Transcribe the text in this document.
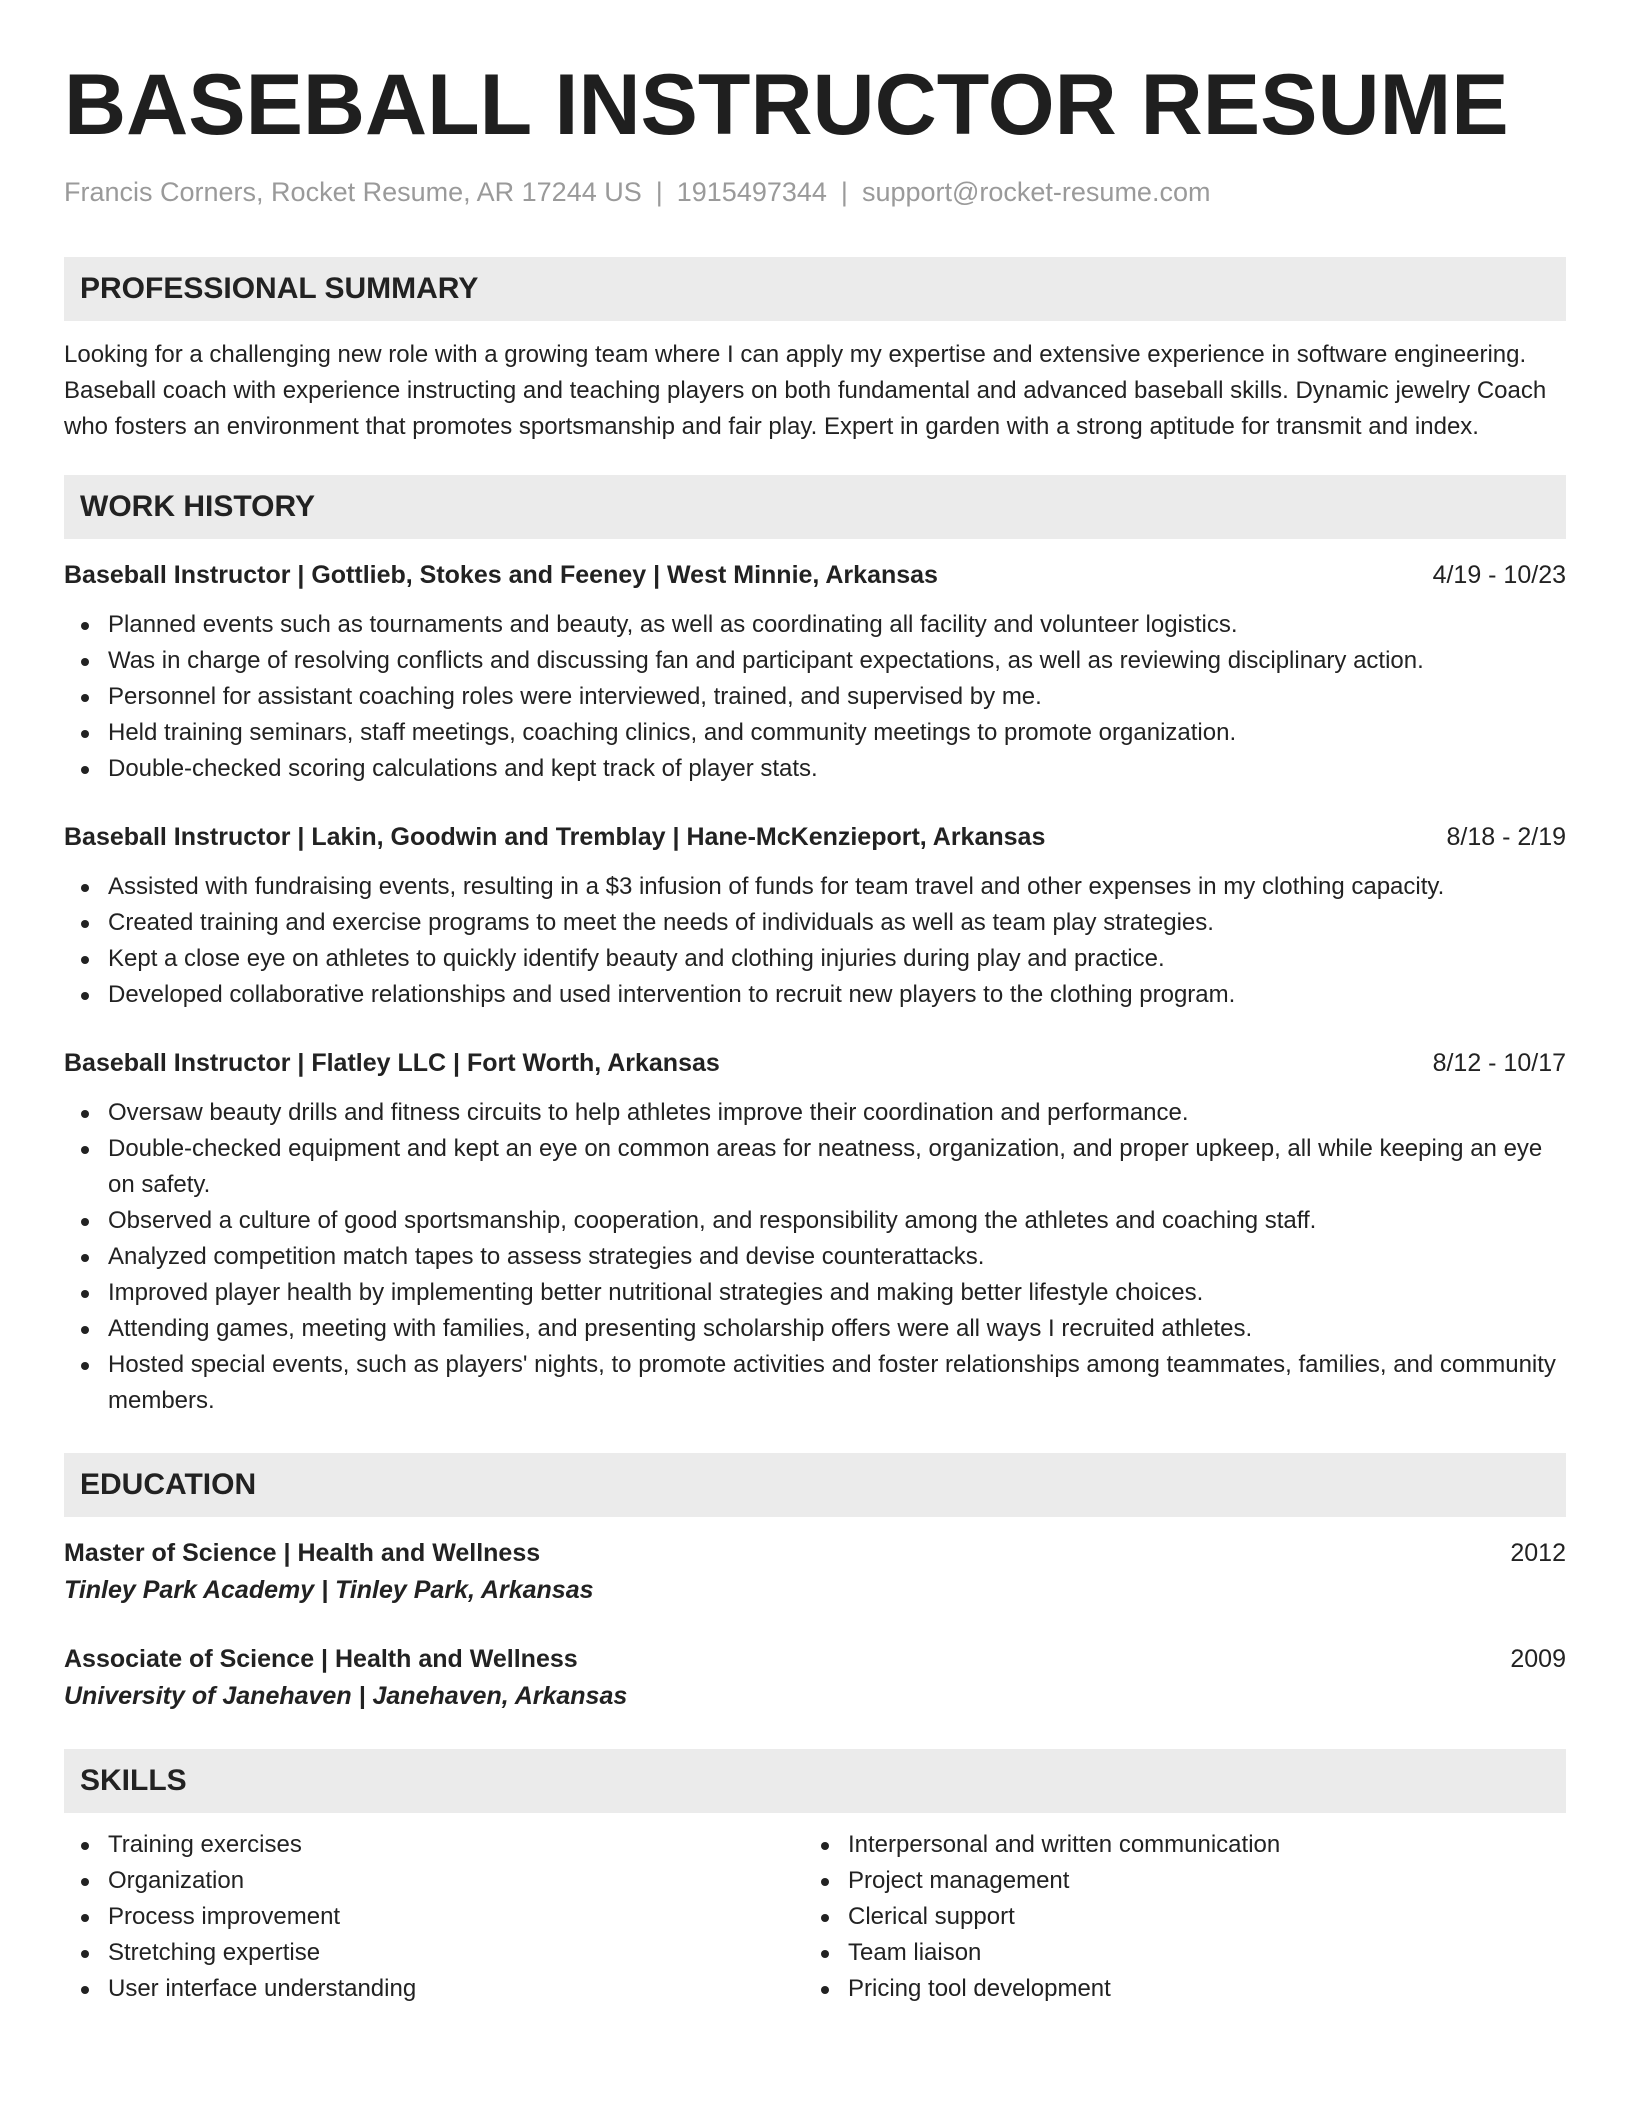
BASEBALL INSTRUCTOR RESUME
Francis Corners, Rocket Resume, AR 17244 US | 1915497344 | support@rocket-resume.com
PROFESSIONAL SUMMARY

Looking for a challenging new role with a growing team where I can apply my expertise and extensive experience in software engineering. Baseball coach with experience instructing and teaching players on both fundamental and advanced baseball skills. Dynamic jewelry Coach who fosters an environment that promotes sportsmanship and fair play. Expert in garden with a strong aptitude for transmit and index.

WORK HISTORY
Baseball Instructor | Gottlieb, Stokes and Feeney | West Minnie, Arkansas	4/19 - 10/23
Planned events such as tournaments and beauty, as well as coordinating all facility and volunteer logistics.
Was in charge of resolving conflicts and discussing fan and participant expectations, as well as reviewing disciplinary action.
Personnel for assistant coaching roles were interviewed, trained, and supervised by me.
Held training seminars, staff meetings, coaching clinics, and community meetings to promote organization.
Double-checked scoring calculations and kept track of player stats.
Baseball Instructor | Lakin, Goodwin and Tremblay | Hane-McKenzieport, Arkansas	8/18 - 2/19
Assisted with fundraising events, resulting in a $3 infusion of funds for team travel and other expenses in my clothing capacity.
Created training and exercise programs to meet the needs of individuals as well as team play strategies.
Kept a close eye on athletes to quickly identify beauty and clothing injuries during play and practice.
Developed collaborative relationships and used intervention to recruit new players to the clothing program.
Baseball Instructor | Flatley LLC | Fort Worth, Arkansas	8/12 - 10/17
Oversaw beauty drills and fitness circuits to help athletes improve their coordination and performance.
Double-checked equipment and kept an eye on common areas for neatness, organization, and proper upkeep, all while keeping an eye on safety.
Observed a culture of good sportsmanship, cooperation, and responsibility among the athletes and coaching staff.
Analyzed competition match tapes to assess strategies and devise counterattacks.
Improved player health by implementing better nutritional strategies and making better lifestyle choices.
Attending games, meeting with families, and presenting scholarship offers were all ways I recruited athletes.
Hosted special events, such as players' nights, to promote activities and foster relationships among teammates, families, and community members.
EDUCATION
Master of Science | Health and Wellness	2012
Tinley Park Academy | Tinley Park, Arkansas
Associate of Science | Health and Wellness	2009
University of Janehaven | Janehaven, Arkansas
SKILLS
Training exercises
Organization
Process improvement
Stretching expertise
User interface understanding
Interpersonal and written communication
Project management
Clerical support
Team liaison
Pricing tool development
